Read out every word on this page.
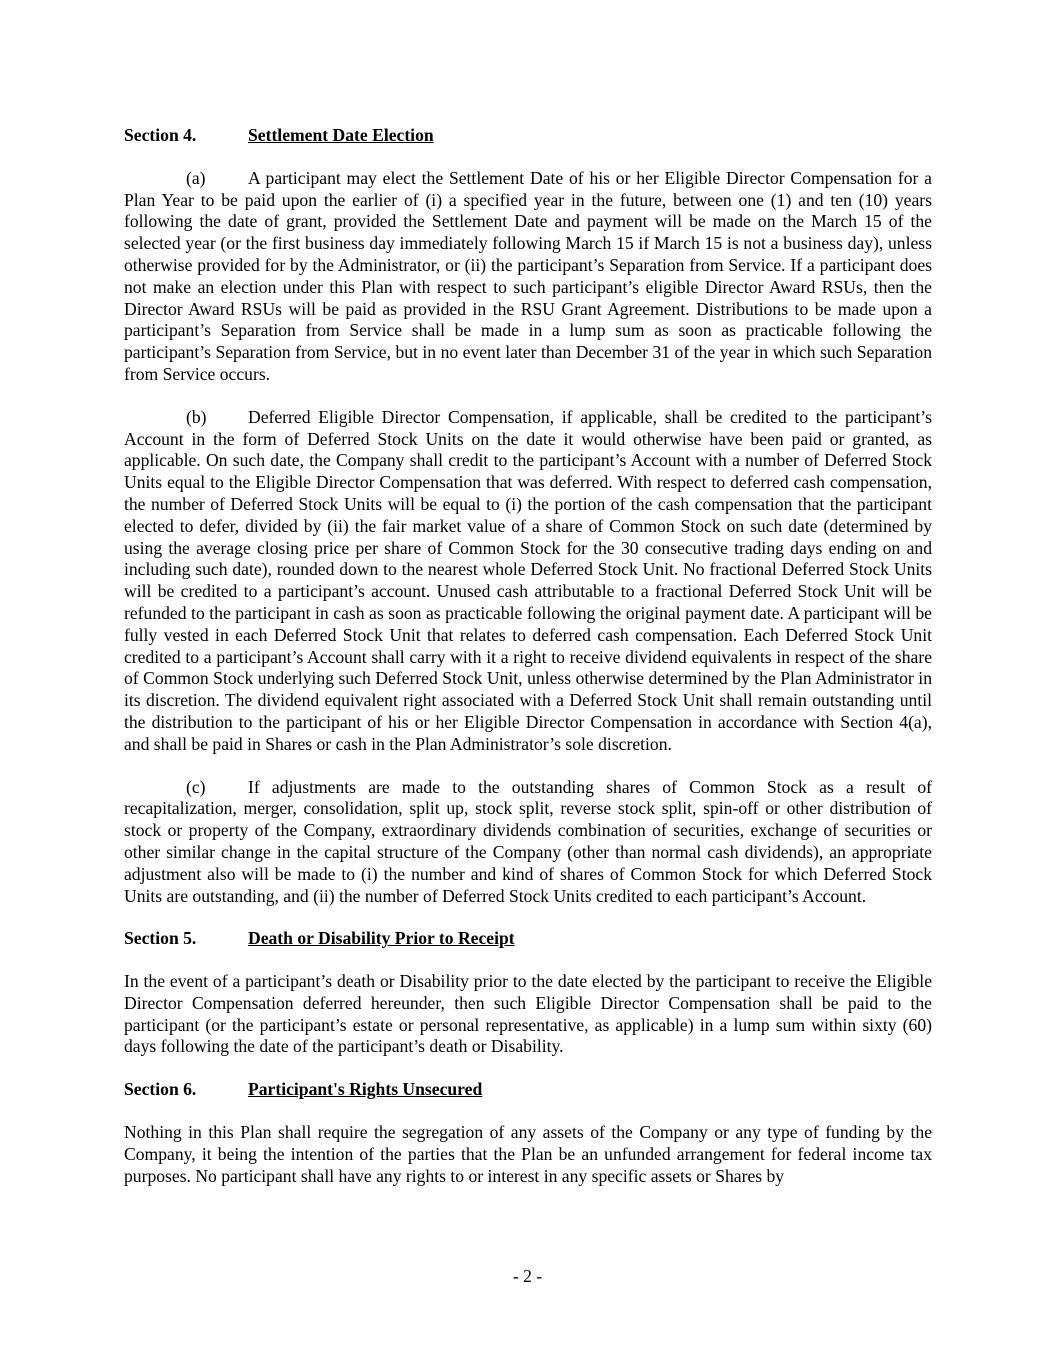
Section 4.	Settlement Date Election

(a) A participant may elect the Settlement Date of his or her Eligible Director Compensation for a Plan Year to be paid upon the earlier of (i) a specified year in the future, between one (1) and ten (10) years following the date of grant, provided the Settlement Date and payment will be made on the March 15 of the selected year (or the first business day immediately following March 15 if March 15 is not a business day), unless otherwise provided for by the Administrator, or (ii) the participant’s Separation from Service. If a participant does not make an election under this Plan with respect to such participant’s eligible Director Award RSUs, then the Director Award RSUs will be paid as provided in the RSU Grant Agreement. Distributions to be made upon a participant’s Separation from Service shall be made in a lump sum as soon as practicable following the participant’s Separation from Service, but in no event later than December 31 of the year in which such Separation from Service occurs.

(b) Deferred Eligible Director Compensation, if applicable, shall be credited to the participant’s Account in the form of Deferred Stock Units on the date it would otherwise have been paid or granted, as applicable. On such date, the Company shall credit to the participant’s Account with a number of Deferred Stock Units equal to the Eligible Director Compensation that was deferred. With respect to deferred cash compensation, the number of Deferred Stock Units will be equal to (i) the portion of the cash compensation that the participant elected to defer, divided by (ii) the fair market value of a share of Common Stock on such date (determined by using the average closing price per share of Common Stock for the 30 consecutive trading days ending on and including such date), rounded down to the nearest whole Deferred Stock Unit. No fractional Deferred Stock Units will be credited to a participant’s account. Unused cash attributable to a fractional Deferred Stock Unit will be refunded to the participant in cash as soon as practicable following the original payment date. A participant will be fully vested in each Deferred Stock Unit that relates to deferred cash compensation. Each Deferred Stock Unit credited to a participant’s Account shall carry with it a right to receive dividend equivalents in respect of the share of Common Stock underlying such Deferred Stock Unit, unless otherwise determined by the Plan Administrator in its discretion. The dividend equivalent right associated with a Deferred Stock Unit shall remain outstanding until the distribution to the participant of his or her Eligible Director Compensation in accordance with Section 4(a), and shall be paid in Shares or cash in the Plan Administrator’s sole discretion.

(c) If adjustments are made to the outstanding shares of Common Stock as a result of recapitalization, merger, consolidation, split up, stock split, reverse stock split, spin-off or other distribution of stock or property of the Company, extraordinary dividends combination of securities, exchange of securities or other similar change in the capital structure of the Company (other than normal cash dividends), an appropriate adjustment also will be made to (i) the number and kind of shares of Common Stock for which Deferred Stock Units are outstanding, and (ii) the number of Deferred Stock Units credited to each participant’s Account.

Section 5.	Death or Disability Prior to Receipt

In the event of a participant’s death or Disability prior to the date elected by the participant to receive the Eligible Director Compensation deferred hereunder, then such Eligible Director Compensation shall be paid to the participant (or the participant’s estate or personal representative, as applicable) in a lump sum within sixty (60) days following the date of the participant’s death or Disability.

Section 6.	Participant's Rights Unsecured

Nothing in this Plan shall require the segregation of any assets of the Company or any type of funding by the Company, it being the intention of the parties that the Plan be an unfunded arrangement for federal income tax purposes. No participant shall have any rights to or interest in any specific assets or Shares by

- 2 -
